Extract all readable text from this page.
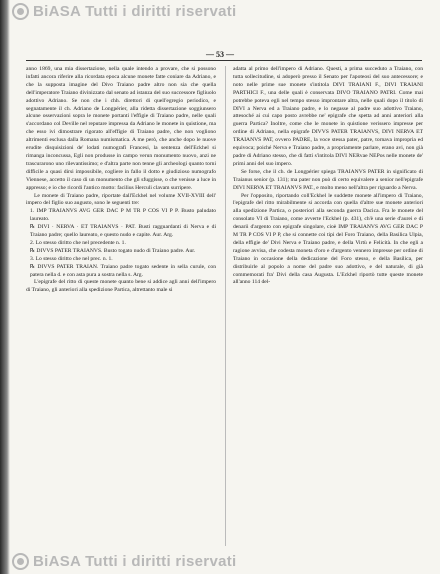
BiASA Tutti i diritti riservati
— 53 —

anno 1869, una mia dissertazione, nella quale intendo a provare, che si possono infatti ancora riferire alla ricordata epoca alcune monete fatte coniare da Adriano, e che la supposta imagine del Divo Traiano padre altro non sia che quella dell'imperatore Traiano divinizzato dal senato ad istanza del suo successore figliuolo adottivo Adriano. Se non che i chh. direttori di quell'egregio periodico, e segnatamente il ch. Adriano de Longpérier, alla ridetta dissertazione soggiunsero alcune osservazioni sopra le monete portanti l'effigie di Traiano padre, nelle quali s'accordano col Deville nel reputare impressa da Adriano le monete in quistione, ma che esso ivi dimostrare rigorato all'effigie di Traiano padre, che non vogliono altrimenti esclusa dalla Romana numismatica. A me però, che anche dopo le nuove erudite disquisizioni de' lodati numografi Francesi, la sentenza dell'Eckhel si rimanga inconcussa, Egli non produsse in campo verun monumento nuovo, anzi ne trascurarono uno rilevantissimo; e d'altra parte non tenne gli archeologi quanto torni difficile a quasi dirsi impossibile, cogliere in fallo il dotto e giudizioso numografo Viennese, accetto il caso di un monumento che gli sfuggisse, o che venisse a luce in appresso; e io che ricordi l'antico motto: facilius Herculi clavam surripere.

Le monete di Traiano padre, riportate dall'Eckhel nel volume XVII-XVIII dell' impero del figlio suo augusto, sono le seguenti tre:

1. IMP TRAIANVS AVG GER DAC P M TR P COS VI P P. Busto paludato laureato.

℞ DIVI · NERVA · ET TRAIANVS · PAT. Busti ragguardanti di Nerva e di Traiano padre; quello laureato, e questo nudo e capite. Aur. Arg.

2. Lo stesso diritto che nel precedente n. 1.

℞ DIVVS PATER TRAIANVS. Busto togato nudo di Traiano padre. Aur.

3. Lo stesso diritto che nel prec. n. 1.

℞ DIVVS PATER TRAIAN. Traiano padre togato sedente in sella curule, con patera nella d. e con asta pura a sostra nella s. Arg.

L'epigrafe del ritto di queste monete quanto bene si addice agli anni dell'impero di Traiano, gli anteriori alla spedizione Partica, altrettanto male si

adatta al primo dell'impero di Adriano. Questi, a prima succeduto a Traiano, con tutta sollecitudine, si adoperò presso il Senato per l'apoteosi del suo antecessore; e noto nelle prime sue monete s'intitola DIVI TRAIANI F., DIVI TRAIANI PARTHICI F., una delle quali è conservata DIVO TRAIANO PATRI. Come mai potrebbe poteva egli nel tempo stesso improntare altra, nelle quali dopo il titolo di DIVI a Nerva ed a Traiano padre, e lo negasse al padre suo adottivo Traiano, attesoché ai cui capo posto avrebbe ne' epigrafe che spetta ad anni anteriori alla guerra Partica? Inoltre, come che le monete in quistione verissero impresse per ordine di Adriano, nella epigrafe DIVVS PATER TRAIANVS, DIVI NERVA ET TRAIANVS PAT, ovvero PADRE, la voce stessa pater, patre, tornava impropria ed equivoca; poiché Nerva e Traiano padre, a propriamente parlare, erano avi, non già padre di Adriano stesso, che di fatti s'intitola DIVI NERvae NEPos nelle monete de' primi anni del suo impero.

Se forse, che il ch. de Longpérier spiega TRAIANVS PATER in significato di Traianus senior (p. 131); ma pater non può di certo equivalere a senior nell'epigrafe DIVI NERVA ET TRAIANVS PAT., e molto meno nell'altra per riguardo a Nerva.

Per l'opposito, riportando coll'Eckhel le suddette monete all'impero di Traiano, l'epigrafe del ritto mirabilmente si accorda con quella d'altre sue monete anteriori alla spedizione Partica, o posteriori alla seconda guerra Dacica. Fra le monete del consolato VI di Traiano, come avverte l'Eckhel (p. 431), ch'è una serie d'aurei e di denarii d'argento con epigrafe singolare, cioè IMP TRAIANVS AVG GER DAC P M TR P COS VI P P, che si connette coi tipi del Foro Traiano, della Basilica Ulpia, della effigie de' Divi Nerva e Traiano padre, e della Virtù e Felicità. In che egli a ragione avvisa, che codesta moneta d'oro e d'argento vennero impresse per ordine di Traiano in occasione della dedicazione del Foro stesso, e della Basilica, per distribuirle al popolo a nome del padre suo adottivo, e del naturale, di già commemorati fra' Divi della casa Augusta. L'Eckhel riportò tutte queste monete all'anno 114 del-

BiASA Tutti i diritti riservati
